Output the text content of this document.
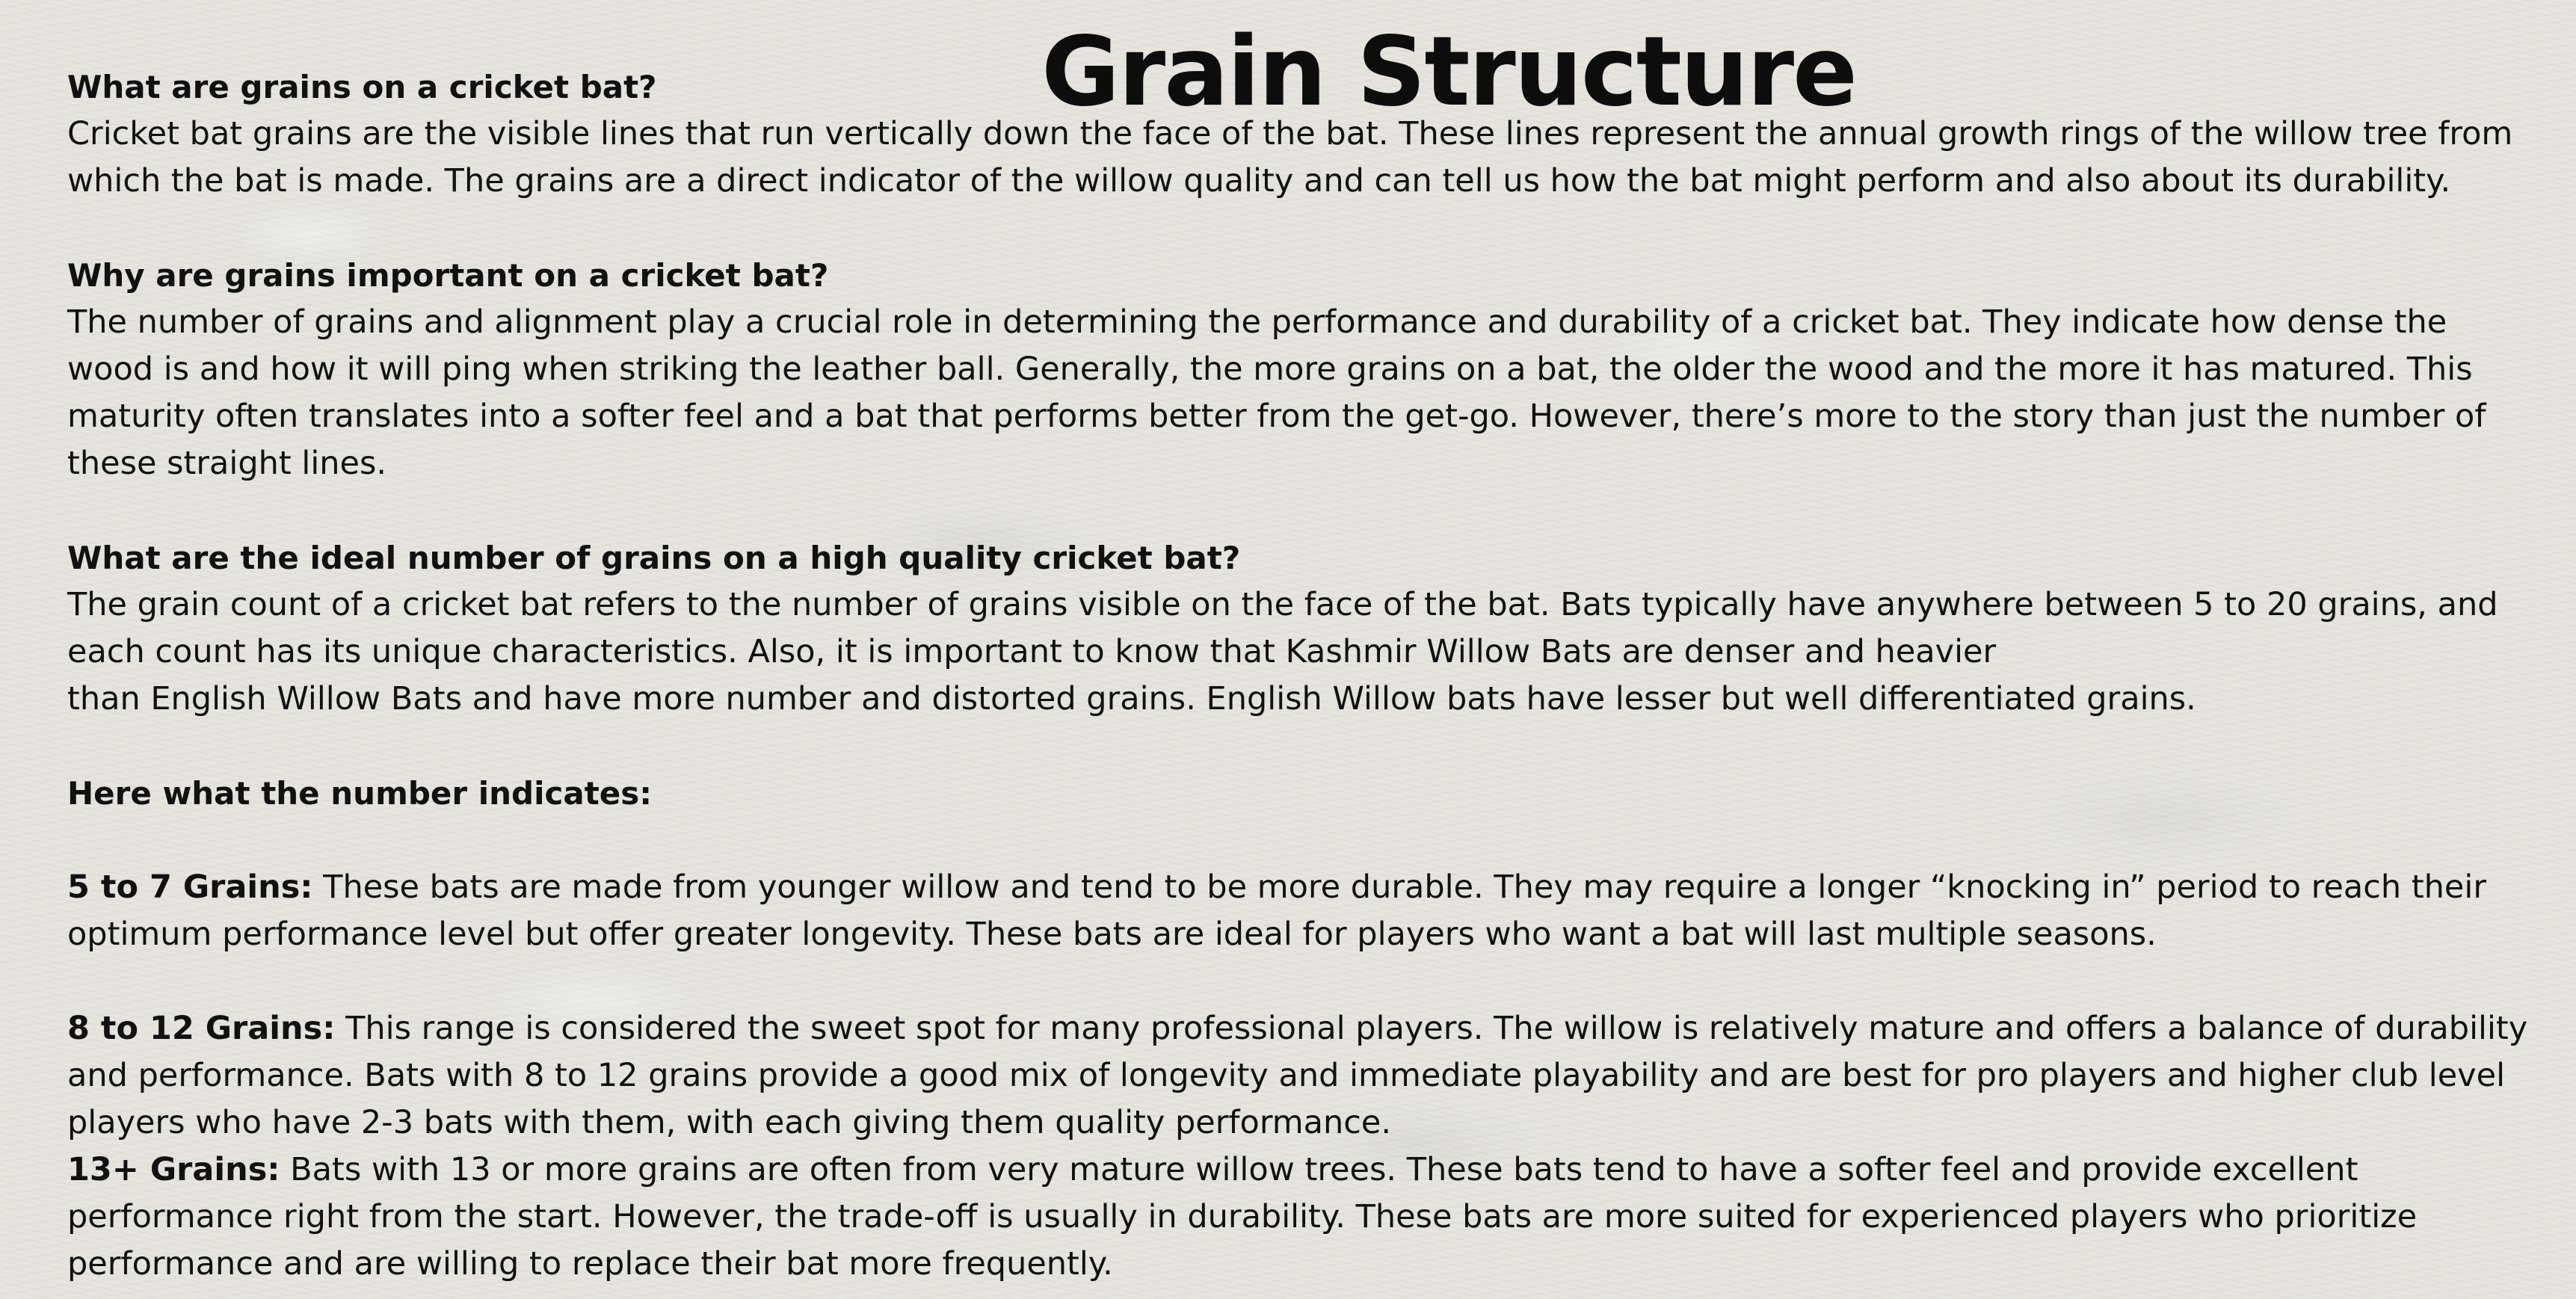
Grain Structure

What are grains on a cricket bat?

Cricket bat grains are the visible lines that run vertically down the face of the bat. These lines represent the annual growth rings of the willow tree from

which the bat is made. The grains are a direct indicator of the willow quality and can tell us how the bat might perform and also about its durability.

Why are grains important on a cricket bat?

The number of grains and alignment play a crucial role in determining the performance and durability of a cricket bat. They indicate how dense the

wood is and how it will ping when striking the leather ball. Generally, the more grains on a bat, the older the wood and the more it has matured. This

maturity often translates into a softer feel and a bat that performs better from the get-go. However, there’s more to the story than just the number of

these straight lines.

What are the ideal number of grains on a high quality cricket bat?

The grain count of a cricket bat refers to the number of grains visible on the face of the bat. Bats typically have anywhere between 5 to 20 grains, and

each count has its unique characteristics. Also, it is important to know that Kashmir Willow Bats are denser and heavier

than English Willow Bats and have more number and distorted grains. English Willow bats have lesser but well differentiated grains.

Here what the number indicates:

5 to 7 Grains: These bats are made from younger willow and tend to be more durable. They may require a longer “knocking in” period to reach their

optimum performance level but offer greater longevity. These bats are ideal for players who want a bat will last multiple seasons.

8 to 12 Grains: This range is considered the sweet spot for many professional players. The willow is relatively mature and offers a balance of durability

and performance. Bats with 8 to 12 grains provide a good mix of longevity and immediate playability and are best for pro players and higher club level

players who have 2-3 bats with them, with each giving them quality performance.

13+ Grains: Bats with 13 or more grains are often from very mature willow trees. These bats tend to have a softer feel and provide excellent

performance right from the start. However, the trade-off is usually in durability. These bats are more suited for experienced players who prioritize

performance and are willing to replace their bat more frequently.
